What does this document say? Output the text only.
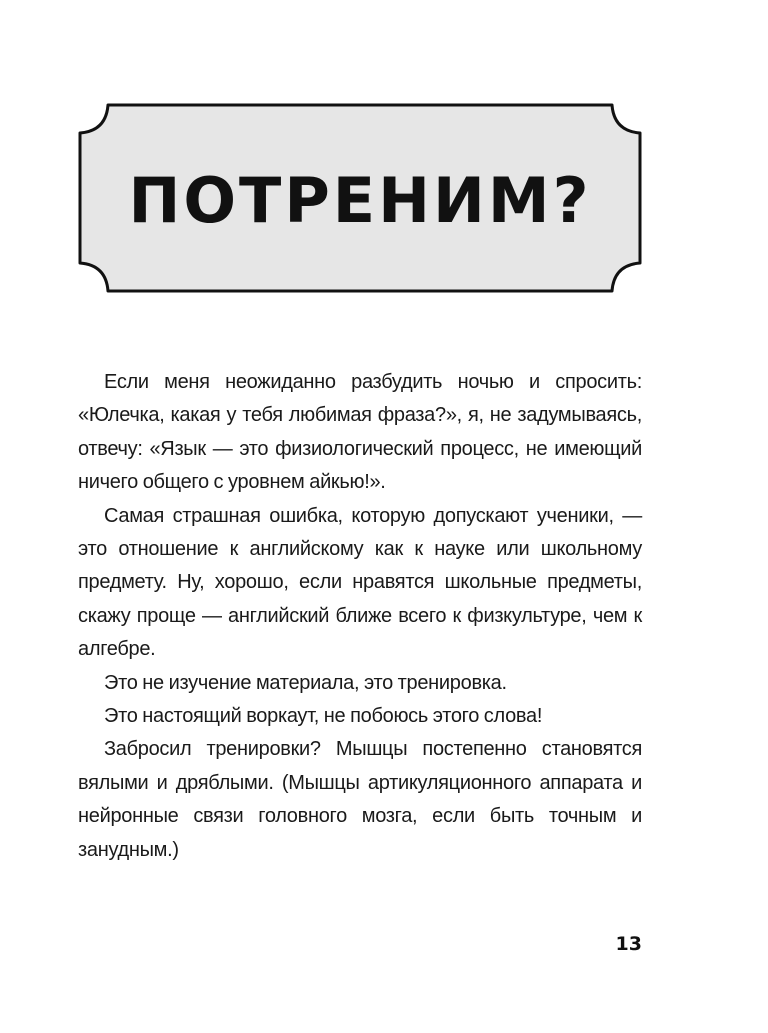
ПОТРЕНИМ?

Если меня неожиданно разбудить ночью и спросить: «Юлечка, какая у тебя любимая фраза?», я, не задумываясь, отвечу: «Язык — это физиологический процесс, не имеющий ничего общего с уровнем айкью!».

Самая страшная ошибка, которую допускают ученики, — это отношение к английскому как к науке или школьному предмету. Ну, хорошо, если нравятся школьные предметы, скажу проще — английский ближе всего к физкультуре, чем к алгебре.

Это не изучение материала, это тренировка.

Это настоящий воркаут, не побоюсь этого слова!

Забросил тренировки? Мышцы постепенно становятся вялыми и дряблыми. (Мышцы артикуляционного аппарата и нейронные связи головного мозга, если быть точным и занудным.)

13
